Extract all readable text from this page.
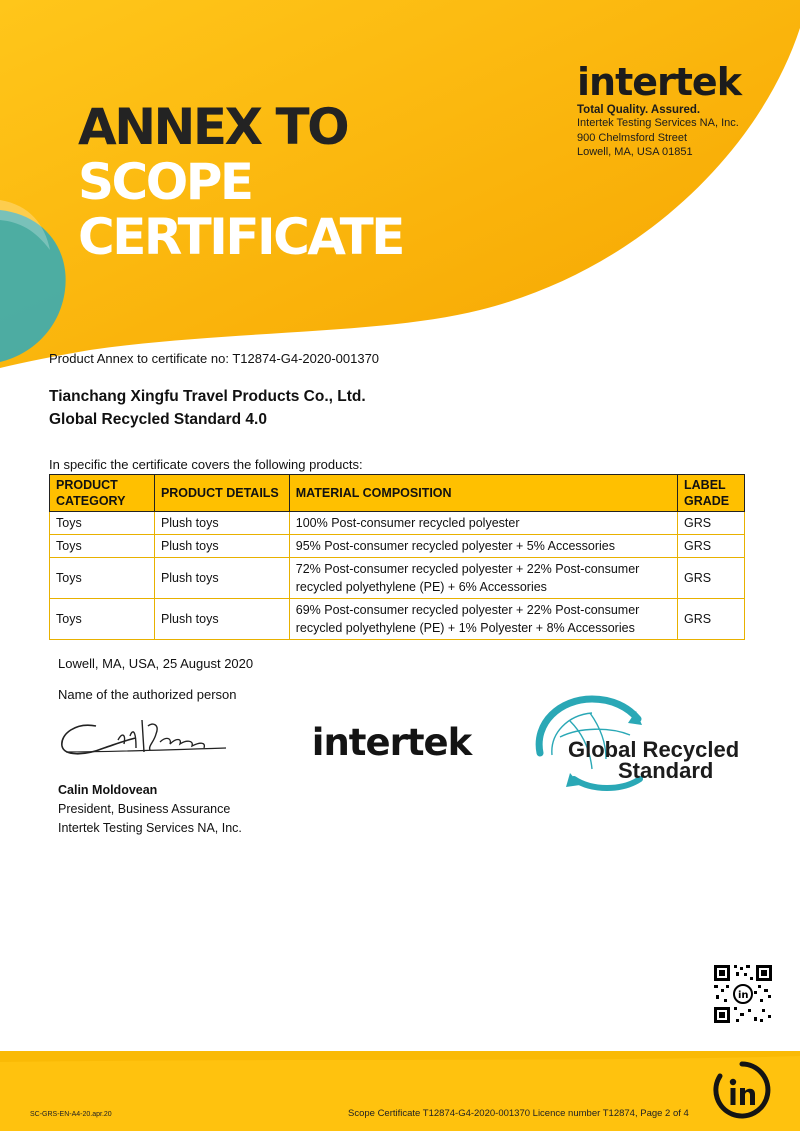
ANNEX TO
SCOPE
CERTIFICATE
intertek
Total Quality. Assured.
Intertek Testing Services NA, Inc.
900 Chelmsford Street
Lowell, MA, USA 01851
Product Annex to certificate no: T12874-G4-2020-001370
Tianchang Xingfu Travel Products Co., Ltd.
Global Recycled Standard 4.0
In specific the certificate covers the following products:
PRODUCT CATEGORY	PRODUCT DETAILS	MATERIAL COMPOSITION	LABEL GRADE
Toys	Plush toys	100% Post-consumer recycled polyester	GRS
Toys	Plush toys	95% Post-consumer recycled polyester + 5% Accessories	GRS
Toys	Plush toys	72% Post-consumer recycled polyester + 22% Post-consumer recycled polyethylene (PE) + 6% Accessories	GRS
Toys	Plush toys	69% Post-consumer recycled polyester + 22% Post-consumer recycled polyethylene (PE) + 1% Polyester + 8% Accessories	GRS
Lowell, MA, USA, 25 August 2020
Name of the authorized person
Calin Moldovean
President, Business Assurance
Intertek Testing Services NA, Inc.
intertek	Global Recycled
Standard
in
SC-GRS-EN-A4-20.apr.20	Scope Certificate T12874-G4-2020-001370 Licence number T12874, Page 2 of 4
